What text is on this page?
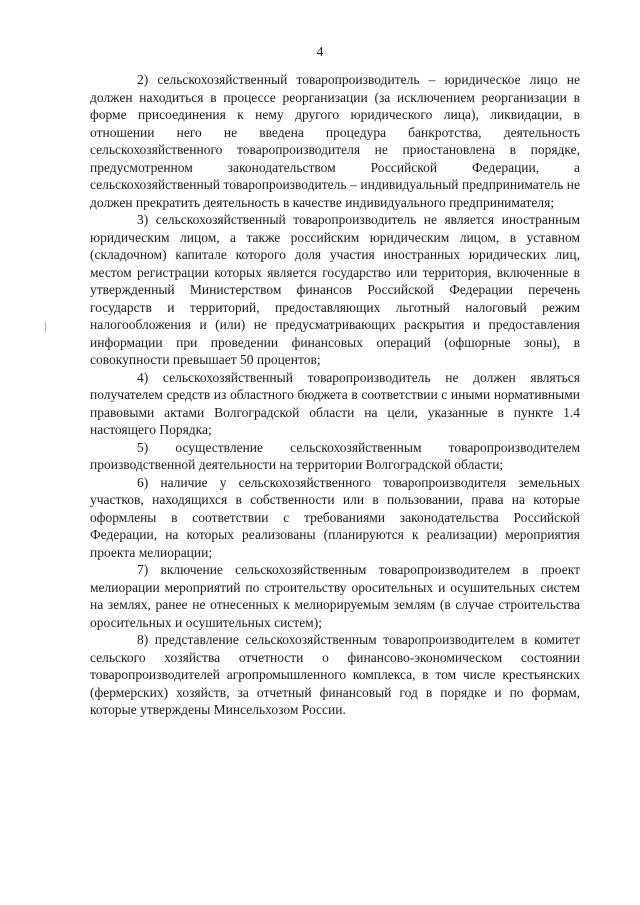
4

2) сельскохозяйственный товаропроизводитель – юридическое лицо не должен находиться в процессе реорганизации (за исключением реорганизации в форме присоединения к нему другого юридического лица), ликвидации, в отношении него не введена процедура банкротства, деятельность сельскохозяйственного товаропроизводителя не приостановлена в порядке, предусмотренном законодательством Российской Федерации, а сельскохозяйственный товаропроизводитель – индивидуальный предприниматель не должен прекратить деятельность в качестве индивидуального предпринимателя;

3) сельскохозяйственный товаропроизводитель не является иностранным юридическим лицом, а также российским юридическим лицом, в уставном (складочном) капитале которого доля участия иностранных юридических лиц, местом регистрации которых является государство или территория, включенные в утвержденный Министерством финансов Российской Федерации перечень государств и территорий, предоставляющих льготный налоговый режим налогообложения и (или) не предусматривающих раскрытия и предоставления информации при проведении финансовых операций (офшорные зоны), в совокупности превышает 50 процентов;

4) сельскохозяйственный товаропроизводитель не должен являться получателем средств из областного бюджета в соответствии с иными нормативными правовыми актами Волгоградской области на цели, указанные в пункте 1.4 настоящего Порядка;

5) осуществление сельскохозяйственным товаропроизводителем производственной деятельности на территории Волгоградской области;

6) наличие у сельскохозяйственного товаропроизводителя земельных участков, находящихся в собственности или в пользовании, права на которые оформлены в соответствии с требованиями законодательства Российской Федерации, на которых реализованы (планируются к реализации) мероприятия проекта мелиорации;

7) включение сельскохозяйственным товаропроизводителем в проект мелиорации мероприятий по строительству оросительных и осушительных систем на землях, ранее не отнесенных к мелиорируемым землям (в случае строительства оросительных и осушительных систем);

8) представление сельскохозяйственным товаропроизводителем в комитет сельского хозяйства отчетности о финансово-экономическом состоянии товаропроизводителей агропромышленного комплекса, в том числе крестьянских (фермерских) хозяйств, за отчетный финансовый год в порядке и по формам, которые утверждены Минсельхозом России.
